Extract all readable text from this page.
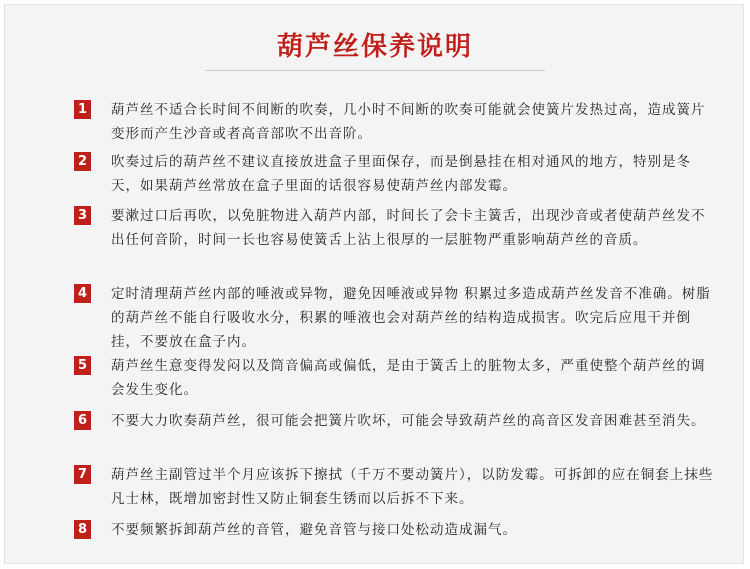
葫芦丝保养说明
1 葫芦丝不适合长时间不间断的吹奏，几小时不间断的吹奏可能就会使簧片发热过高，造成簧片变形而产生沙音或者高音部吹不出音阶。

2 吹奏过后的葫芦丝不建议直接放进盒子里面保存，而是倒悬挂在相对通风的地方，特别是冬天，如果葫芦丝常放在盒子里面的话很容易使葫芦丝内部发霉。

3 要漱过口后再吹，以免脏物进入葫芦内部，时间长了会卡主簧舌，出现沙音或者使葫芦丝发不出任何音阶，时间一长也容易使簧舌上沾上很厚的一层脏物严重影响葫芦丝的音质。

4 定时清理葫芦丝内部的唾液或异物，避免因唾液或异物 积累过多造成葫芦丝发音不准确。树脂的葫芦丝不能自行吸收水分，积累的唾液也会对葫芦丝的结构造成损害。吹完后应甩干并倒挂，不要放在盒子内。

5 葫芦丝生意变得发闷以及筒音偏高或偏低，是由于簧舌上的脏物太多，严重使整个葫芦丝的调会发生变化。

6 不要大力吹奏葫芦丝，很可能会把簧片吹坏，可能会导致葫芦丝的高音区发音困难甚至消失。

7 葫芦丝主副管过半个月应该拆下擦拭（千万不要动簧片），以防发霉。可拆卸的应在铜套上抹些凡士林，既增加密封性又防止铜套生锈而以后拆不下来。

8 不要频繁拆卸葫芦丝的音管，避免音管与接口处松动造成漏气。
